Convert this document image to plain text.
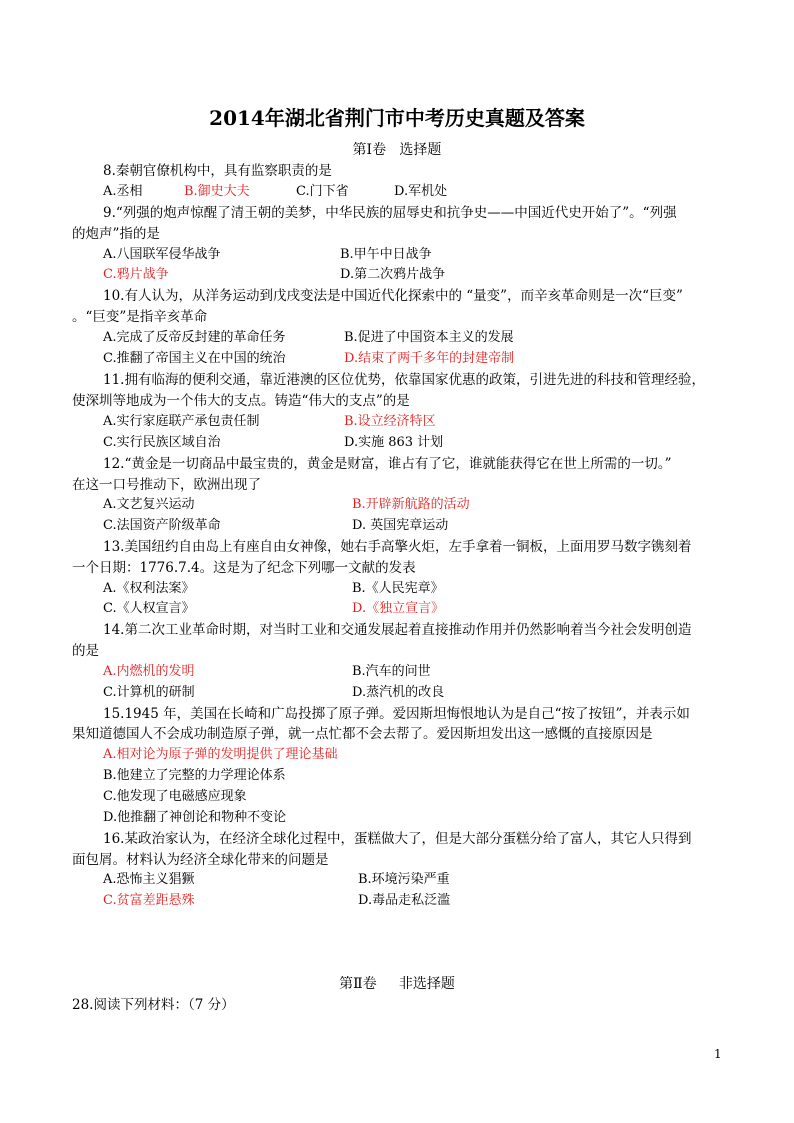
2014年湖北省荆门市中考历史真题及答案
第Ⅰ卷   选择题
8.秦朝官僚机构中，具有监察职责的是
A.丞相	B.御史大夫	C.门下省	D.军机处
9.“列强的炮声惊醒了清王朝的美梦，中华民族的屈辱史和抗争史——中国近代史开始了”。“列强
的炮声”指的是
A.八国联军侵华战争	B.甲午中日战争
C.鸦片战争	D.第二次鸦片战争
10.有人认为，从洋务运动到戊戌变法是中国近代化探索中的 “量变”，而辛亥革命则是一次“巨变”
。“巨变”是指辛亥革命
A.完成了反帝反封建的革命任务	B.促进了中国资本主义的发展
C.推翻了帝国主义在中国的统治	D.结束了两千多年的封建帝制
11.拥有临海的便利交通，靠近港澳的区位优势，依靠国家优惠的政策，引进先进的科技和管理经验，
使深圳等地成为一个伟大的支点。铸造“伟大的支点”的是
A.实行家庭联产承包责任制	B.设立经济特区
C.实行民族区域自治	D.实施 863 计划
12.“黄金是一切商品中最宝贵的，黄金是财富，谁占有了它，谁就能获得它在世上所需的一切。”
在这一口号推动下，欧洲出现了
A.文艺复兴运动	B.开辟新航路的活动
C.法国资产阶级革命	D. 英国宪章运动
13.美国纽约自由岛上有座自由女神像，她右手高擎火炬，左手拿着一铜板，上面用罗马数字镌刻着
一个日期：1776.7.4。这是为了纪念下列哪一文献的发表
A.《权利法案》	B.《人民宪章》
C.《人权宣言》	D.《独立宣言》
14.第二次工业革命时期，对当时工业和交通发展起着直接推动作用并仍然影响着当今社会发明创造
的是
A.内燃机的发明	B.汽车的问世
C.计算机的研制	D.蒸汽机的改良
15.1945 年，美国在长崎和广岛投掷了原子弹。爱因斯坦悔恨地认为是自己“按了按钮”，并表示如
果知道德国人不会成功制造原子弹，就一点忙都不会去帮了。爱因斯坦发出这一感慨的直接原因是
A.相对论为原子弹的发明提供了理论基础
B.他建立了完整的力学理论体系
C.他发现了电磁感应现象
D.他推翻了神创论和物种不变论
16.某政治家认为，在经济全球化过程中，蛋糕做大了，但是大部分蛋糕分给了富人，其它人只得到
面包屑。材料认为经济全球化带来的问题是
A.恐怖主义猖獗	B.环境污染严重
C.贫富差距悬殊	D.毒品走私泛滥
第Ⅱ卷     非选择题
28.阅读下列材料：（7 分）
1
